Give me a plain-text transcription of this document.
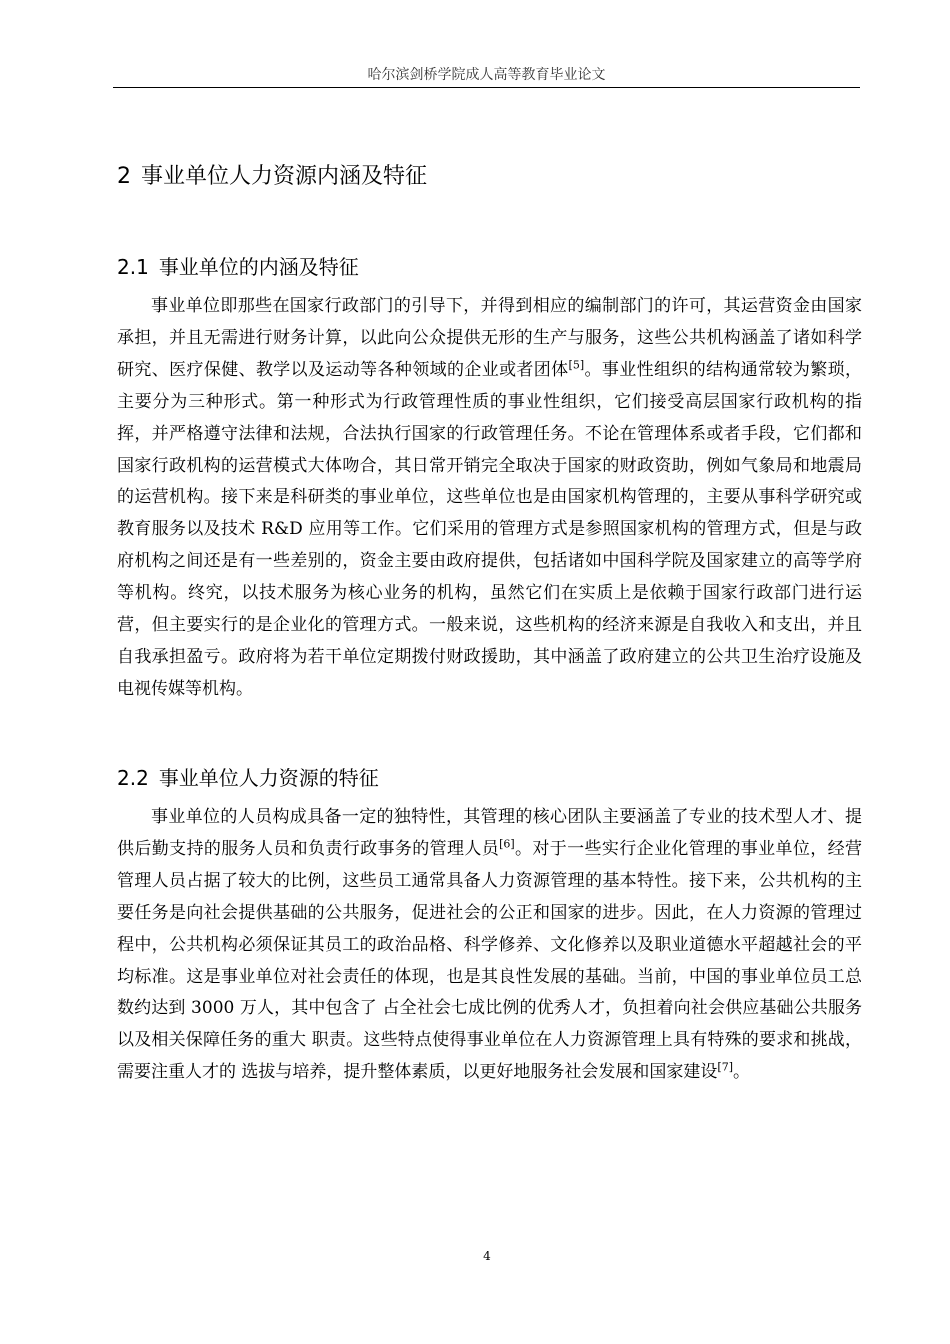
哈尔滨剑桥学院成人高等教育毕业论文
2 事业单位人力资源内涵及特征
2.1 事业单位的内涵及特征

事业单位即那些在国家行政部门的引导下，并得到相应的编制部门的许可，其运营资金由国家承担，并且无需进行财务计算，以此向公众提供无形的生产与服务，这些公共机构涵盖了诸如科学研究、医疗保健、教学以及运动等各种领域的企业或者团体[5]。事业性组织的结构通常较为繁琐，主要分为三种形式。第一种形式为行政管理性质的事业性组织，它们接受高层国家行政机构的指挥，并严格遵守法律和法规，合法执行国家的行政管理任务。不论在管理体系或者手段，它们都和国家行政机构的运营模式大体吻合，其日常开销完全取决于国家的财政资助，例如气象局和地震局的运营机构。接下来是科研类的事业单位，这些单位也是由国家机构管理的，主要从事科学研究或教育服务以及技术 R&D 应用等工作。它们采用的管理方式是参照国家机构的管理方式，但是与政府机构之间还是有一些差别的，资金主要由政府提供，包括诸如中国科学院及国家建立的高等学府等机构。终究，以技术服务为核心业务的机构，虽然它们在实质上是依赖于国家行政部门进行运营，但主要实行的是企业化的管理方式。一般来说，这些机构的经济来源是自我收入和支出，并且自我承担盈亏。政府将为若干单位定期拨付财政援助，其中涵盖了政府建立的公共卫生治疗设施及电视传媒等机构。

2.2 事业单位人力资源的特征

事业单位的人员构成具备一定的独特性，其管理的核心团队主要涵盖了专业的技术型人才、提供后勤支持的服务人员和负责行政事务的管理人员[6]。对于一些实行企业化管理的事业单位，经营管理人员占据了较大的比例，这些员工通常具备人力资源管理的基本特性。接下来，公共机构的主要任务是向社会提供基础的公共服务，促进社会的公正和国家的进步。因此，在人力资源的管理过程中，公共机构必须保证其员工的政治品格、科学修养、文化修养以及职业道德水平超越社会的平均标准。这是事业单位对社会责任的体现，也是其良性发展的基础。当前，中国的事业单位员工总数约达到 3000 万人，其中包含了 占全社会七成比例的优秀人才，负担着向社会供应基础公共服务以及相关保障任务的重大 职责。这些特点使得事业单位在人力资源管理上具有特殊的要求和挑战，需要注重人才的 选拔与培养，提升整体素质，以更好地服务社会发展和国家建设[7]。

4
